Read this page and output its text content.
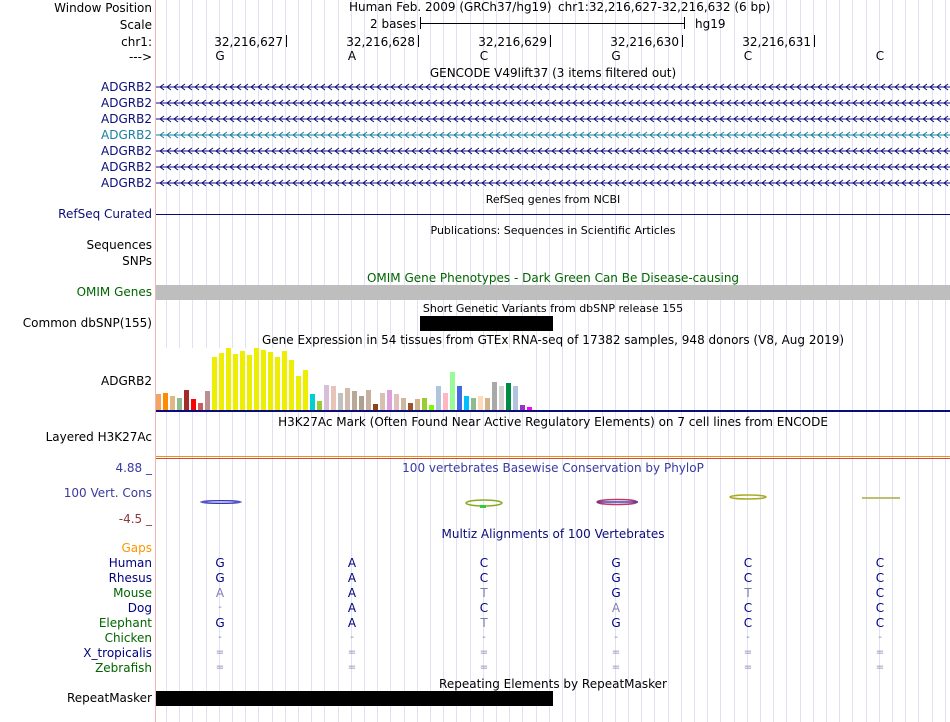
Window Position	Human Feb. 2009 (GRCh37/hg19) chr1:32,216,627-32,216,632 (6 bp)
Scale	2 bases	hg19
chr1:	32,216,627	32,216,628	32,216,629	32,216,630	32,216,631
--->	G	A	C	G	C	C
GENCODE V49lift37 (3 items filtered out)
ADGRB2
ADGRB2
ADGRB2
ADGRB2
ADGRB2
ADGRB2
ADGRB2
RefSeq genes from NCBI
RefSeq Curated
Publications: Sequences in Scientific Articles
Sequences
SNPs
OMIM Gene Phenotypes - Dark Green Can Be Disease-causing
OMIM Genes
Short Genetic Variants from dbSNP release 155
Common dbSNP(155)
Gene Expression in 54 tissues from GTEx RNA-seq of 17382 samples, 948 donors (V8, Aug 2019)
ADGRB2
H3K27Ac Mark (Often Found Near Active Regulatory Elements) on 7 cell lines from ENCODE
Layered H3K27Ac
4.88 _	100 vertebrates Basewise Conservation by PhyloP
100 Vert. Cons
-4.5 _
Multiz Alignments of 100 Vertebrates
Gaps
Human	G	A	C	G	C	C
Rhesus	G	A	C	G	C	C
Mouse	A	A	T	G	T	C
Dog	-	A	C	A	C	C
Elephant	G	A	T	G	C	C
Chicken	-	-	-	-	-	-
X_tropicalis	=	=	=	=	=	=
Zebrafish	=	=	=	=	=	=
Repeating Elements by RepeatMasker
RepeatMasker
